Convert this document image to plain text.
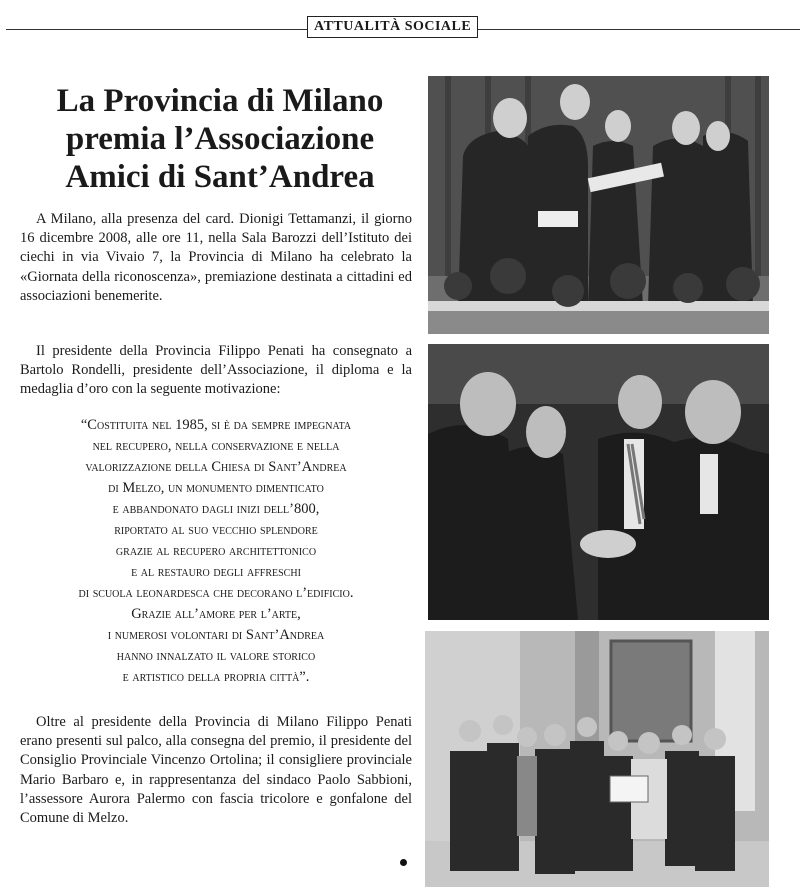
ATTUALITÀ SOCIALE
La Provincia di Milano
premia l’Associazione
Amici di Sant’Andrea

A Milano, alla presenza del card. Dionigi Tettamanzi, il giorno 16 dicembre 2008, alle ore 11, nella Sala Barozzi dell’Istituto dei ciechi in via Vivaio 7, la Provincia di Milano ha celebrato la «Giornata della riconoscenza», premiazione destinata a cittadini ed associazioni benemerite.

Il presidente della Provincia Filippo Penati ha consegnato a Bartolo Rondelli, presidente dell’Associazione, il diploma e la medaglia d’oro con la seguente motivazione:

“Costituita nel 1985, si è da sempre impegnata
nel recupero, nella conservazione e nella
valorizzazione della Chiesa di Sant’Andrea
di Melzo, un monumento dimenticato
e abbandonato dagli inizi dell’800,
riportato al suo vecchio splendore
grazie al recupero architettonico
e al restauro degli affreschi
di scuola leonardesca che decorano l’edificio.
Grazie all’amore per l’arte,
i numerosi volontari di Sant’Andrea
hanno innalzato il valore storico
e artistico della propria città”.

Oltre al presidente della Provincia di Milano Filippo Penati erano presenti sul palco, alla consegna del premio, il presidente del Consiglio Provinciale Vincenzo Ortolina; il consigliere provinciale Mario Barbaro e, in rappresentanza del sindaco Paolo Sabbioni, l’assessore Aurora Palermo con fascia tricolore e gonfalone del Comune di Melzo.
